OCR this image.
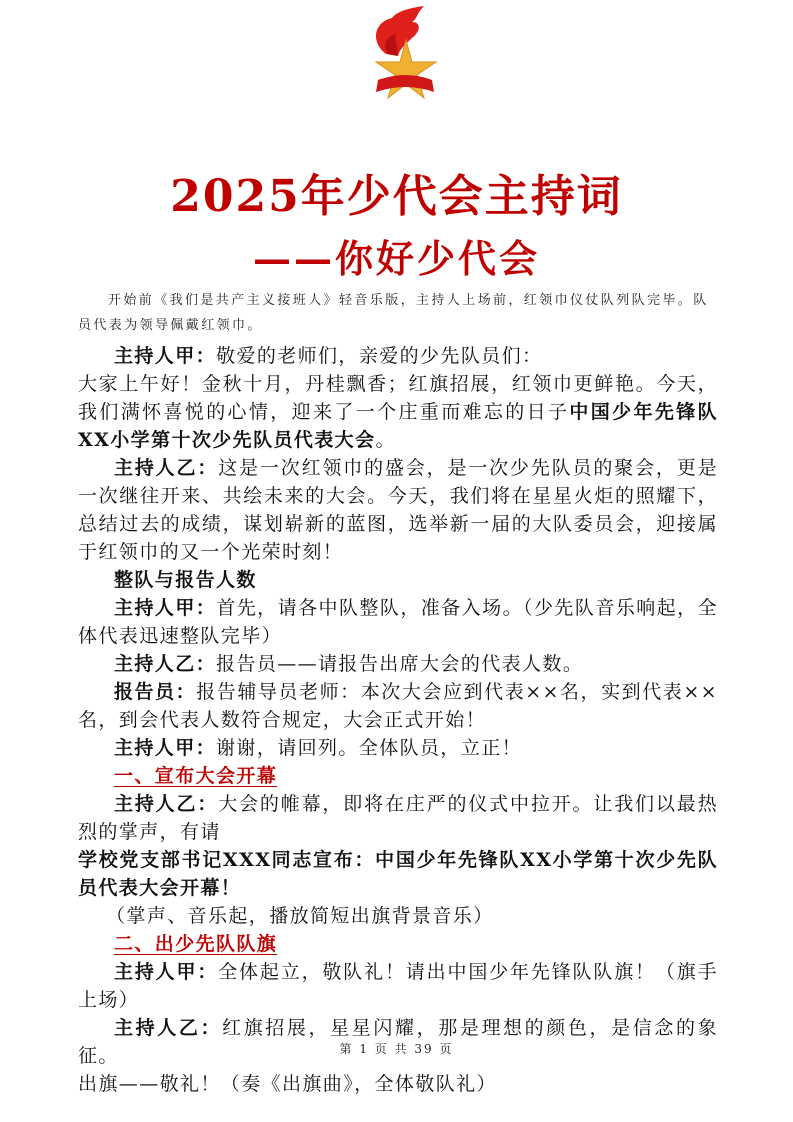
2025年少代会主持词
——你好少代会
开始前《我们是共产主义接班人》轻音乐版，主持人上场前，红领巾仪仗队列队完毕。队员代表为领导佩戴红领巾。
主持人甲：敬爱的老师们，亲爱的少先队员们：
大家上午好！金秋十月，丹桂飘香；红旗招展，红领巾更鲜艳。今天，我们满怀喜悦的心情，迎来了一个庄重而难忘的日子中国少年先锋队XX小学第十次少先队员代表大会。
主持人乙：这是一次红领巾的盛会，是一次少先队员的聚会，更是一次继往开来、共绘未来的大会。今天，我们将在星星火炬的照耀下，总结过去的成绩，谋划崭新的蓝图，选举新一届的大队委员会，迎接属于红领巾的又一个光荣时刻！
整队与报告人数
主持人甲：首先，请各中队整队，准备入场。（少先队音乐响起，全体代表迅速整队完毕）
主持人乙：报告员——请报告出席大会的代表人数。
报告员：报告辅导员老师：本次大会应到代表××名，实到代表××名，到会代表人数符合规定，大会正式开始！
主持人甲：谢谢，请回列。全体队员，立正！
一、宣布大会开幕
主持人乙：大会的帷幕，即将在庄严的仪式中拉开。让我们以最热烈的掌声，有请
学校党支部书记XXX同志宣布：中国少年先锋队XX小学第十次少先队员代表大会开幕！
（掌声、音乐起，播放简短出旗背景音乐）
二、出少先队队旗
主持人甲：全体起立，敬队礼！请出中国少年先锋队队旗！（旗手上场）
主持人乙：红旗招展，星星闪耀，那是理想的颜色，是信念的象征。
出旗——敬礼！（奏《出旗曲》，全体敬队礼）
第 1 页 共 39 页
